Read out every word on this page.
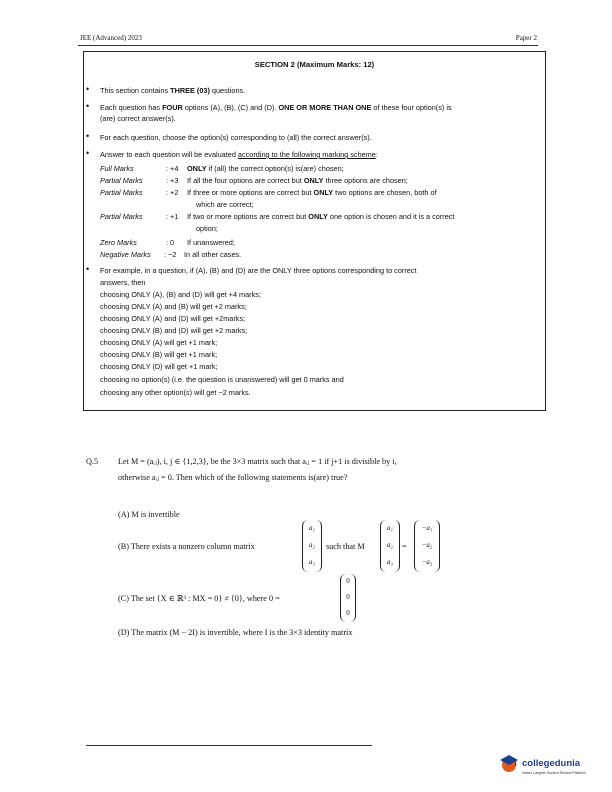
JEE (Advanced) 2023	Paper 2
SECTION 2 (Maximum Marks: 12)
• This section contains THREE (03) questions.
• Each question has FOUR options (A), (B), (C) and (D). ONE OR MORE THAN ONE of these four option(s) is
(are) correct answer(s).
• For each question, choose the option(s) corresponding to (all) the correct answer(s).
• Answer to each question will be evaluated according to the following marking scheme:
Full Marks	: +4 ONLY if (all) the correct option(s) is(are) chosen;
Partial Marks	: +3 If all the four options are correct but ONLY three options are chosen;
Partial Marks	: +2 If three or more options are correct but ONLY two options are chosen, both of
which are correct;
Partial Marks	: +1 If two or more options are correct but ONLY one option is chosen and it is a correct
option;
Zero Marks	: 0 If unanswered;
Negative Marks : −2 In all other cases.
• For example, in a question, if (A), (B) and (D) are the ONLY three options corresponding to correct
answers, then
choosing ONLY (A), (B) and (D) will get +4 marks;
choosing ONLY (A) and (B) will get +2 marks;
choosing ONLY (A) and (D) will get +2marks;
choosing ONLY (B) and (D) will get +2 marks;
choosing ONLY (A) will get +1 mark;
choosing ONLY (B) will get +1 mark;
choosing ONLY (D) will get +1 mark;
choosing no option(s) (i.e. the question is unanswered) will get 0 marks and
choosing any other option(s) will get −2 marks.
Q.5 Let M = (aᵢⱼ), i, j ∈ {1,2,3}, be the 3×3 matrix such that aᵢⱼ = 1 if j+1 is divisible by i,
otherwise aᵢⱼ = 0. Then which of the following statements is(are) true?
(A) M is invertible
(B) There exists a nonzero column matrix
a₁
a₂
a₃
such that M
a₁
a₂
a₃
=
−a₁
−a₂
−a₃
(C) The set {X ∈ ℝ³ : MX = 0} ≠ {0}, where 0 =
0
0
0
(D) The matrix (M − 2I) is invertible, where I is the 3×3 identity matrix
collegedunia
India's Largest Student Review Platform
